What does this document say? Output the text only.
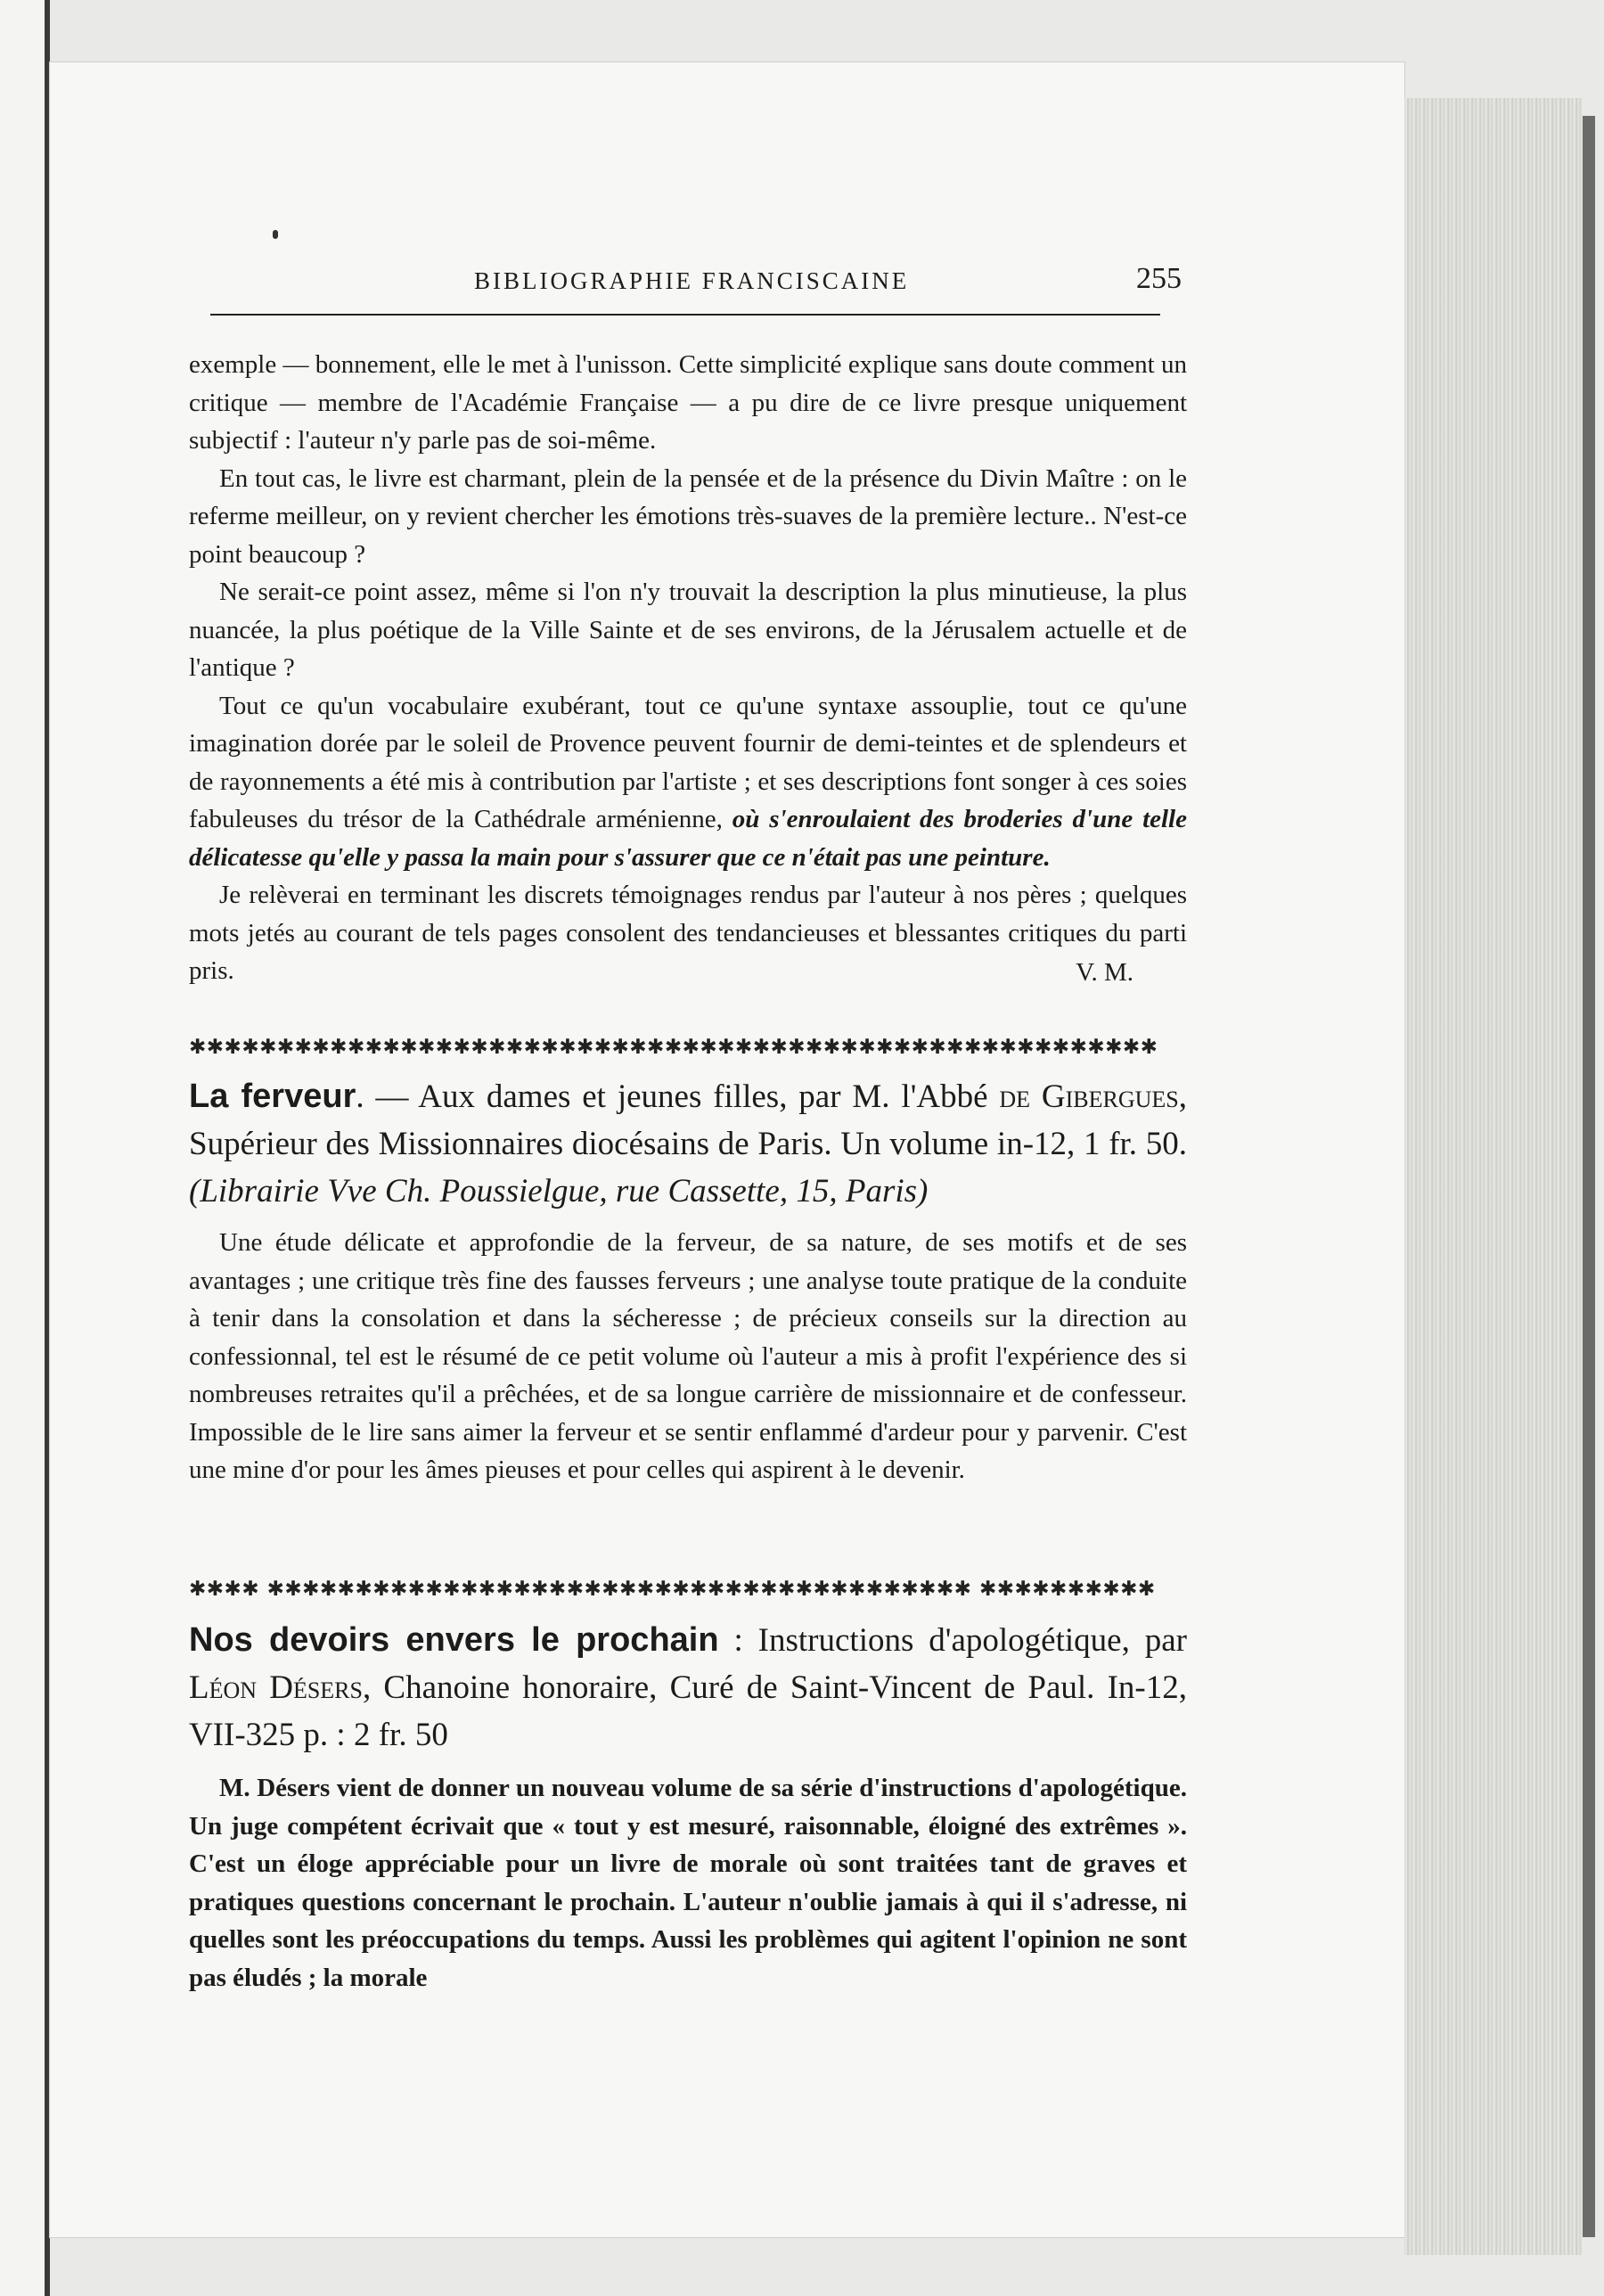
BIBLIOGRAPHIE FRANCISCAINE	255

exemple — bonnement, elle le met à l'unisson. Cette simplicité explique sans doute comment un critique — membre de l'Académie Française — a pu dire de ce livre presque uniquement subjectif : l'auteur n'y parle pas de soi-même.

En tout cas, le livre est charmant, plein de la pensée et de la présence du Divin Maître : on le referme meilleur, on y revient chercher les émotions très-suaves de la première lecture.. N'est-ce point beaucoup ?

Ne serait-ce point assez, même si l'on n'y trouvait la description la plus minutieuse, la plus nuancée, la plus poétique de la Ville Sainte et de ses environs, de la Jérusalem actuelle et de l'antique ?

Tout ce qu'un vocabulaire exubérant, tout ce qu'une syntaxe assouplie, tout ce qu'une imagination dorée par le soleil de Provence peuvent fournir de demi-teintes et de splendeurs et de rayonnements a été mis à contribution par l'artiste ; et ses descriptions font songer à ces soies fabuleuses du trésor de la Cathédrale arménienne, où s'enroulaient des broderies d'une telle délicatesse qu'elle y passa la main pour s'assurer que ce n'était pas une peinture.

Je relèverai en terminant les discrets témoignages rendus par l'auteur à nos pères ; quelques mots jetés au courant de tels pages consolent des tendancieuses et blessantes critiques du parti pris.	V. M.
✱✱✱✱✱✱✱✱✱✱✱✱✱✱✱✱✱✱✱✱✱✱✱✱✱✱✱✱✱✱✱✱✱✱✱✱✱✱✱✱✱✱✱✱✱✱✱✱✱✱✱✱✱✱✱
La ferveur. — Aux dames et jeunes filles, par M. l'Abbé de Gibergues, Supérieur des Missionnaires diocésains de Paris. Un volume in-12, 1 fr. 50. (Librairie Vve Ch. Poussielgue, rue Cassette, 15, Paris)

Une étude délicate et approfondie de la ferveur, de sa nature, de ses motifs et de ses avantages ; une critique très fine des fausses ferveurs ; une analyse toute pratique de la conduite à tenir dans la consolation et dans la sécheresse ; de précieux conseils sur la direction au confessionnal, tel est le résumé de ce petit volume où l'auteur a mis à profit l'expérience des si nombreuses retraites qu'il a prêchées, et de sa longue carrière de missionnaire et de confesseur. Impossible de le lire sans aimer la ferveur et se sentir enflammé d'ardeur pour y parvenir. C'est une mine d'or pour les âmes pieuses et pour celles qui aspirent à le devenir.

✱✱✱✱ ✱✱✱✱✱✱✱✱✱✱✱✱✱✱✱✱✱✱✱✱✱✱✱✱✱✱✱✱✱✱✱✱✱✱✱✱✱✱✱✱ ✱✱✱✱✱✱✱✱✱✱
Nos devoirs envers le prochain : Instructions d'apologétique, par Léon Désers, Chanoine honoraire, Curé de Saint-Vincent de Paul. In-12, VII-325 p. : 2 fr. 50

M. Désers vient de donner un nouveau volume de sa série d'instructions d'apologétique. Un juge compétent écrivait que « tout y est mesuré, raisonnable, éloigné des extrêmes ». C'est un éloge appréciable pour un livre de morale où sont traitées tant de graves et pratiques questions concernant le prochain. L'auteur n'oublie jamais à qui il s'adresse, ni quelles sont les préoccupations du temps. Aussi les problèmes qui agitent l'opinion ne sont pas éludés ; la morale
